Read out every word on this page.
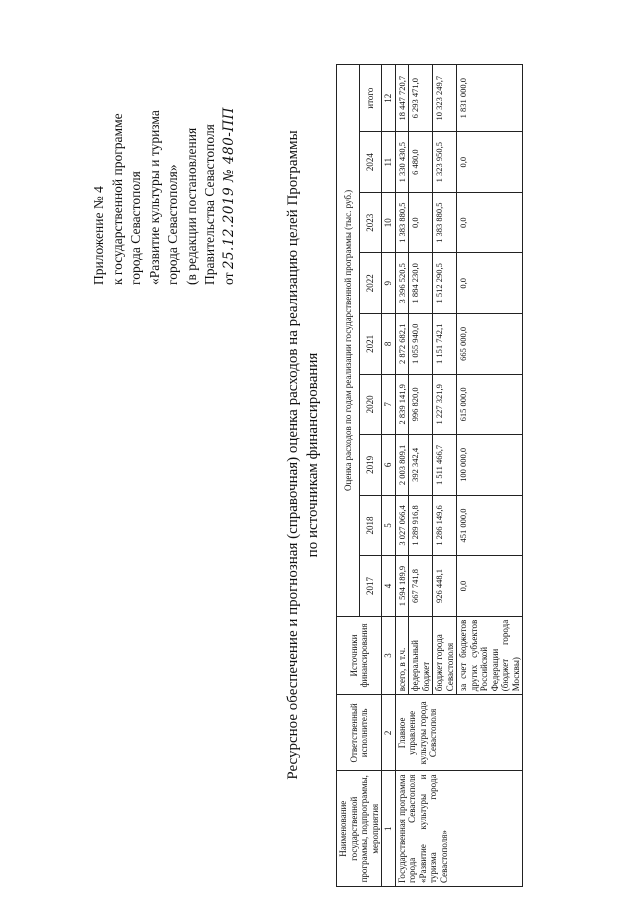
Приложение № 4 к государственной программе города Севастополя «Развитие культуры и туризма города Севастополя» (в редакции постановления Правительства Севастополя от 25.12.2019 № 480-ПП	Ресурсное обеспечение и прогнозная (справочная) оценка расходов на реализацию целей Программы по источникам финансирования
Наименование государственной программы, подпрограммы, мероприятия	Ответственный исполнитель	Источники финансирования	Оценка расходов по годам реализации государственной программы (тыс. руб.)								
			2017	2018	2019	2020	2021	2022	2023	2024	итого
1	2	3	4	5	6	7	8	9	10	11	12
Государственная программа города Севастополя «Развитие культуры и туризма города Севастополя»	Главное управление культуры города Севастополя	всего, в т.ч.	1 594 189,9	3 027 066,4	2 003 809,1	2 839 141,9	2 872 682,1	3 396 520,5	1 383 880,5	1 330 430,5	18 447 720,7
		федеральный бюджет	667 741,8	1 289 916,8	392 342,4	996 820,0	1 055 940,0	1 884 230,0	0,0	6 480,0	6 293 471,0
		бюджет города Севастополя	926 448,1	1 286 149,6	1 511 466,7	1 227 321,9	1 151 742,1	1 512 290,5	1 383 880,5	1 323 950,5	10 323 249,7
		за счет бюджетов других субъектов Российской Федерации (бюджет города Москвы)	0,0	451 000,0	100 000,0	615 000,0	665 000,0	0,0	0,0	0,0	1 831 000,0
